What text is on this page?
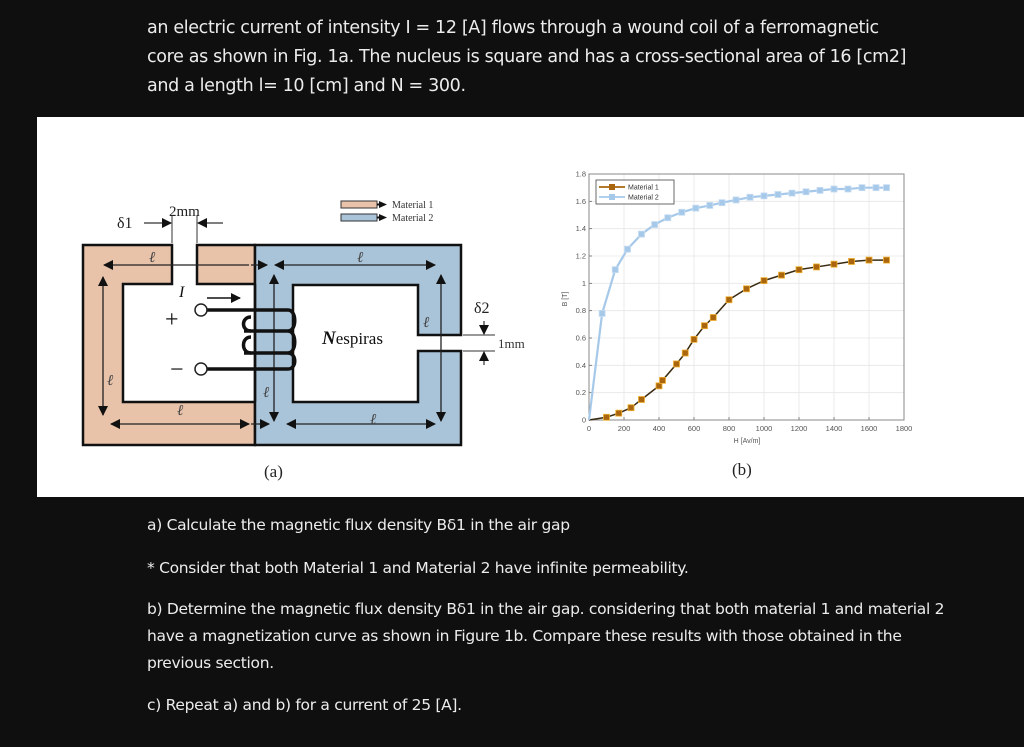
an electric current of intensity I = 12 [A] flows through a wound coil of a ferromagnetic

core as shown in Fig. 1a. The nucleus is square and has a cross-sectional area of 16 [cm2]

and a length l= 10 [cm] and N = 300.

ℓ	ℓ
ℓ
ℓ
ℓ
ℓ
ℓ
δ1
2mm
δ2
1mm
+
−
I
Nespiras
Material 1
Material 2
(a)
0	200	400	600	800	1000 1200 1400 1600 1800
0
0.2
0.4
0.6
0.8
1
1.2
1.4
1.6
1.8
B [T]
H [Av/m]
Material 1
Material 2
(b)

a) Calculate the magnetic flux density Bδ1 in the air gap

* Consider that both Material 1 and Material 2 have infinite permeability.

b) Determine the magnetic flux density Bδ1 in the air gap. considering that both material 1 and material 2 have a magnetization curve as shown in Figure 1b. Compare these results with those obtained in the previous section.

c) Repeat a) and b) for a current of 25 [A].
